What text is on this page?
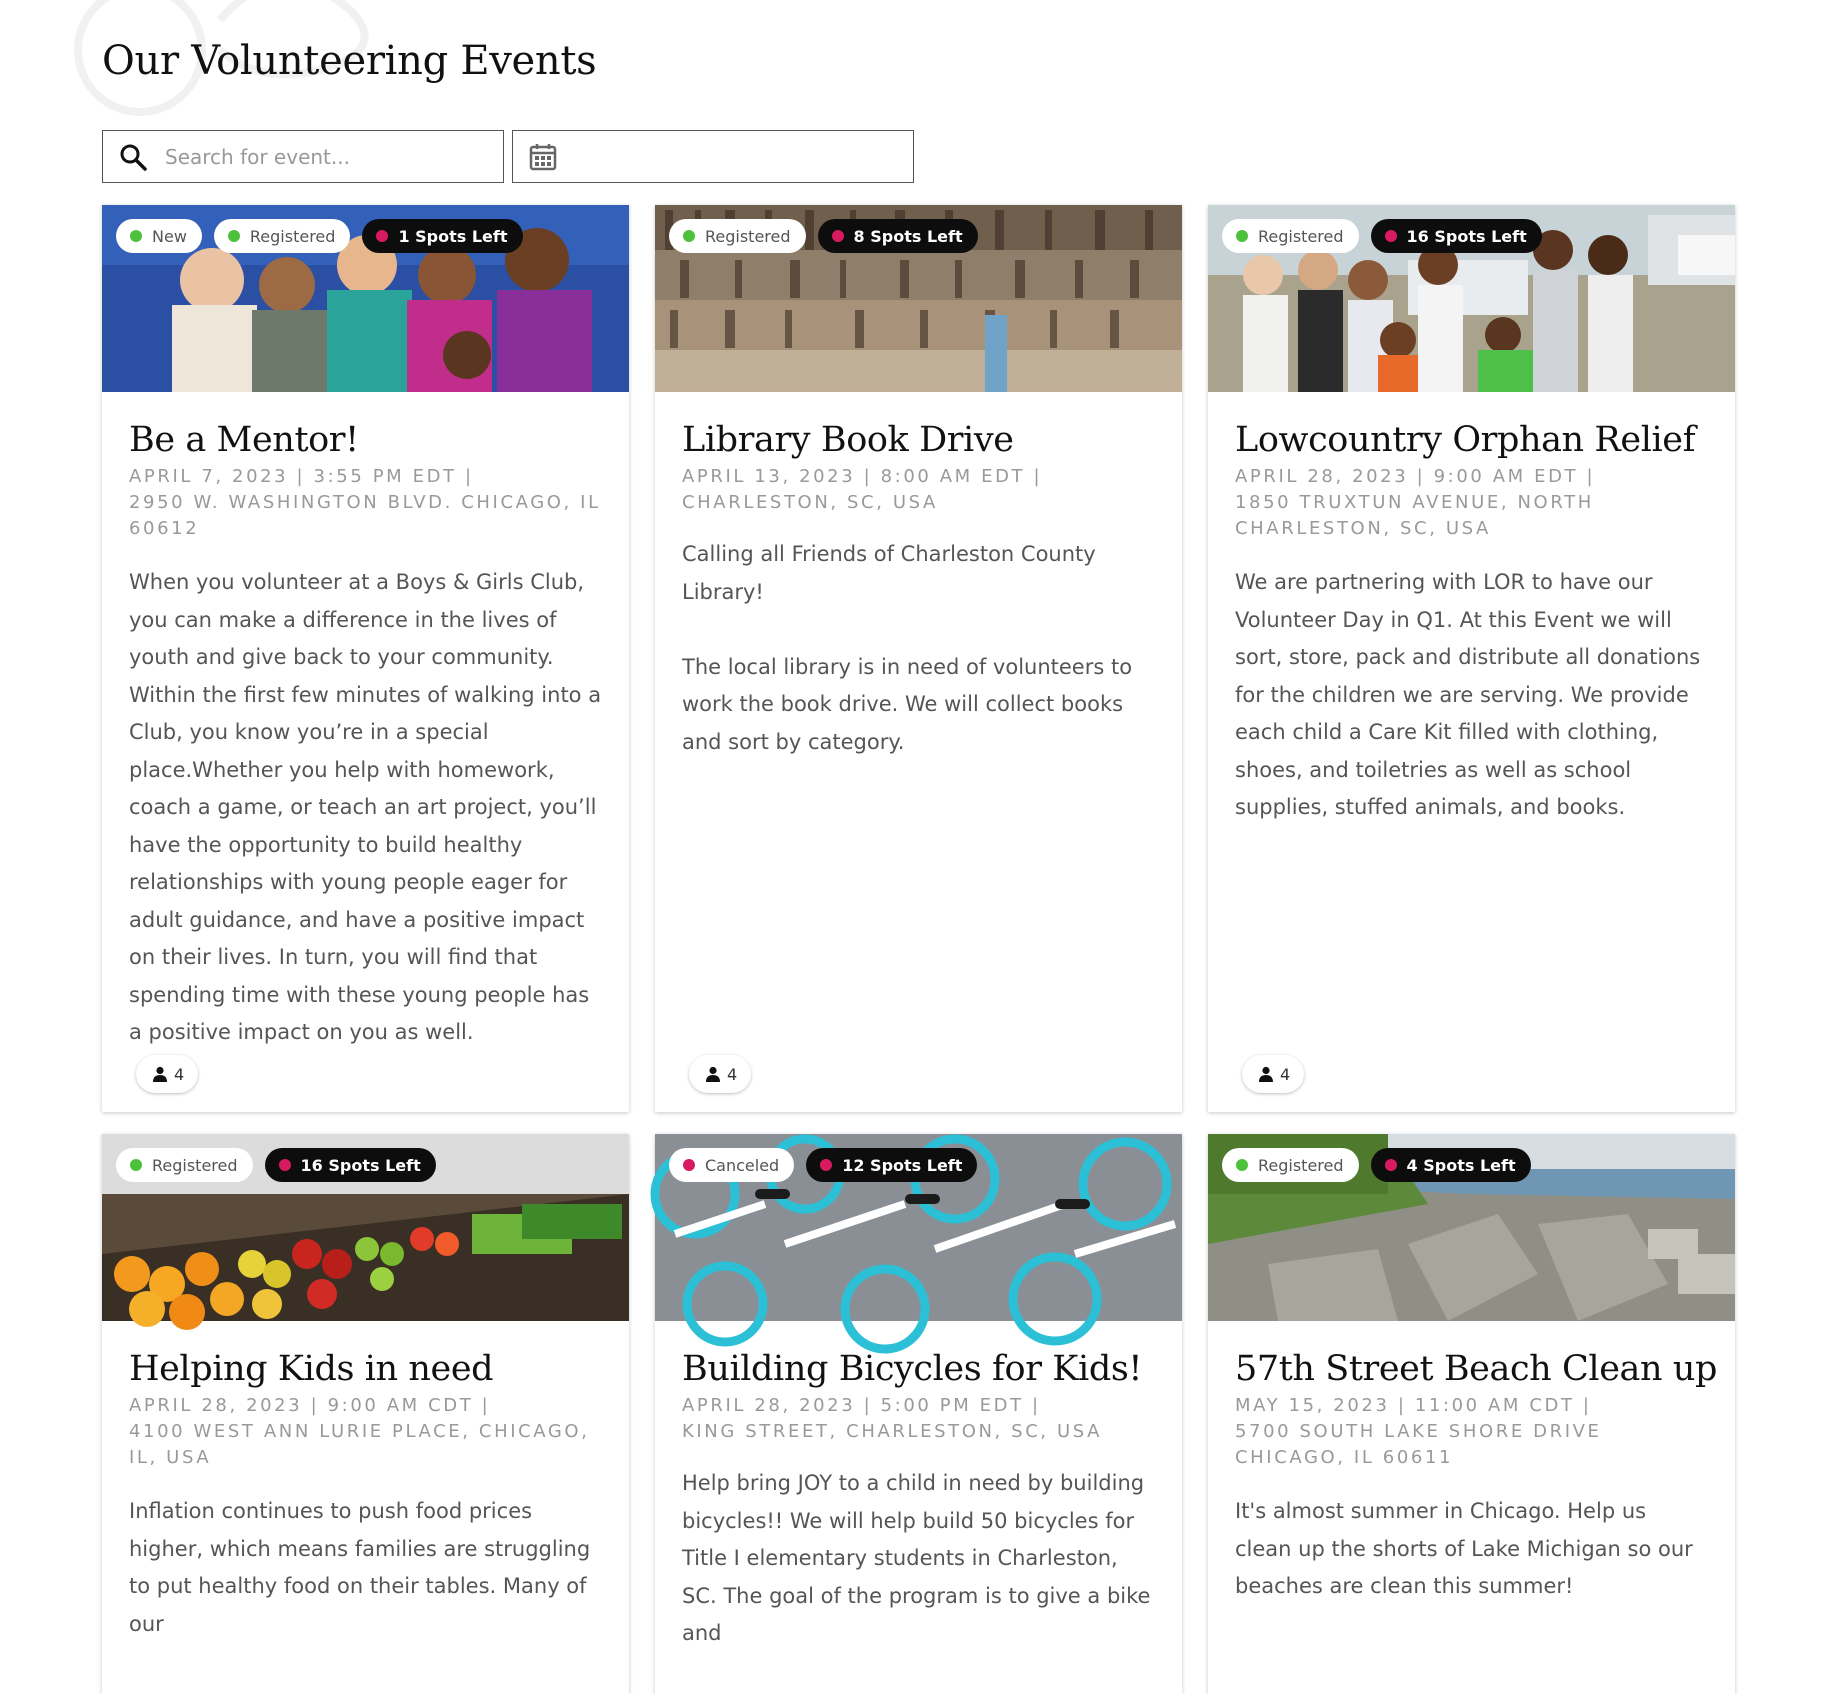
Our Volunteering Events
Search for event...
New	Registered	1 Spots Left
Be a Mentor!
APRIL 7, 2023 | 3:55 PM EDT |
2950 W. WASHINGTON BLVD. CHICAGO, IL 60612

When you volunteer at a Boys & Girls Club, you can make a difference in the lives of youth and give back to your community. Within the first few minutes of walking into a Club, you know you’re in a special place.Whether you help with homework, coach a game, or teach an art project, you’ll have the opportunity to build healthy relationships with young people eager for adult guidance, and have a positive impact on their lives. In turn, you will find that spending time with these young people has a positive impact on you as well.

4
Registered	8 Spots Left
Library Book Drive
APRIL 13, 2023 | 8:00 AM EDT |
CHARLESTON, SC, USA

Calling all Friends of Charleston County Library!

The local library is in need of volunteers to work the book drive. We will collect books and sort by category.

4
Registered	16 Spots Left
Lowcountry Orphan Relief
APRIL 28, 2023 | 9:00 AM EDT |
1850 TRUXTUN AVENUE, NORTH CHARLESTON, SC, USA

We are partnering with LOR to have our Volunteer Day in Q1. At this Event we will sort, store, pack and distribute all donations for the children we are serving. We provide each child a Care Kit filled with clothing, shoes, and toiletries as well as school supplies, stuffed animals, and books.

4
Registered	16 Spots Left
Helping Kids in need
APRIL 28, 2023 | 9:00 AM CDT |
4100 WEST ANN LURIE PLACE, CHICAGO, IL, USA

Inflation continues to push food prices higher, which means families are struggling to put healthy food on their tables. Many of our

Canceled	12 Spots Left
Building Bicycles for Kids!
APRIL 28, 2023 | 5:00 PM EDT |
KING STREET, CHARLESTON, SC, USA

Help bring JOY to a child in need by building bicycles!! We will help build 50 bicycles for Title I elementary students in Charleston, SC. The goal of the program is to give a bike and

Registered	4 Spots Left
57th Street Beach Clean up
MAY 15, 2023 | 11:00 AM CDT |
5700 SOUTH LAKE SHORE DRIVE CHICAGO, IL 60611

It's almost summer in Chicago. Help us clean up the shorts of Lake Michigan so our beaches are clean this summer!
